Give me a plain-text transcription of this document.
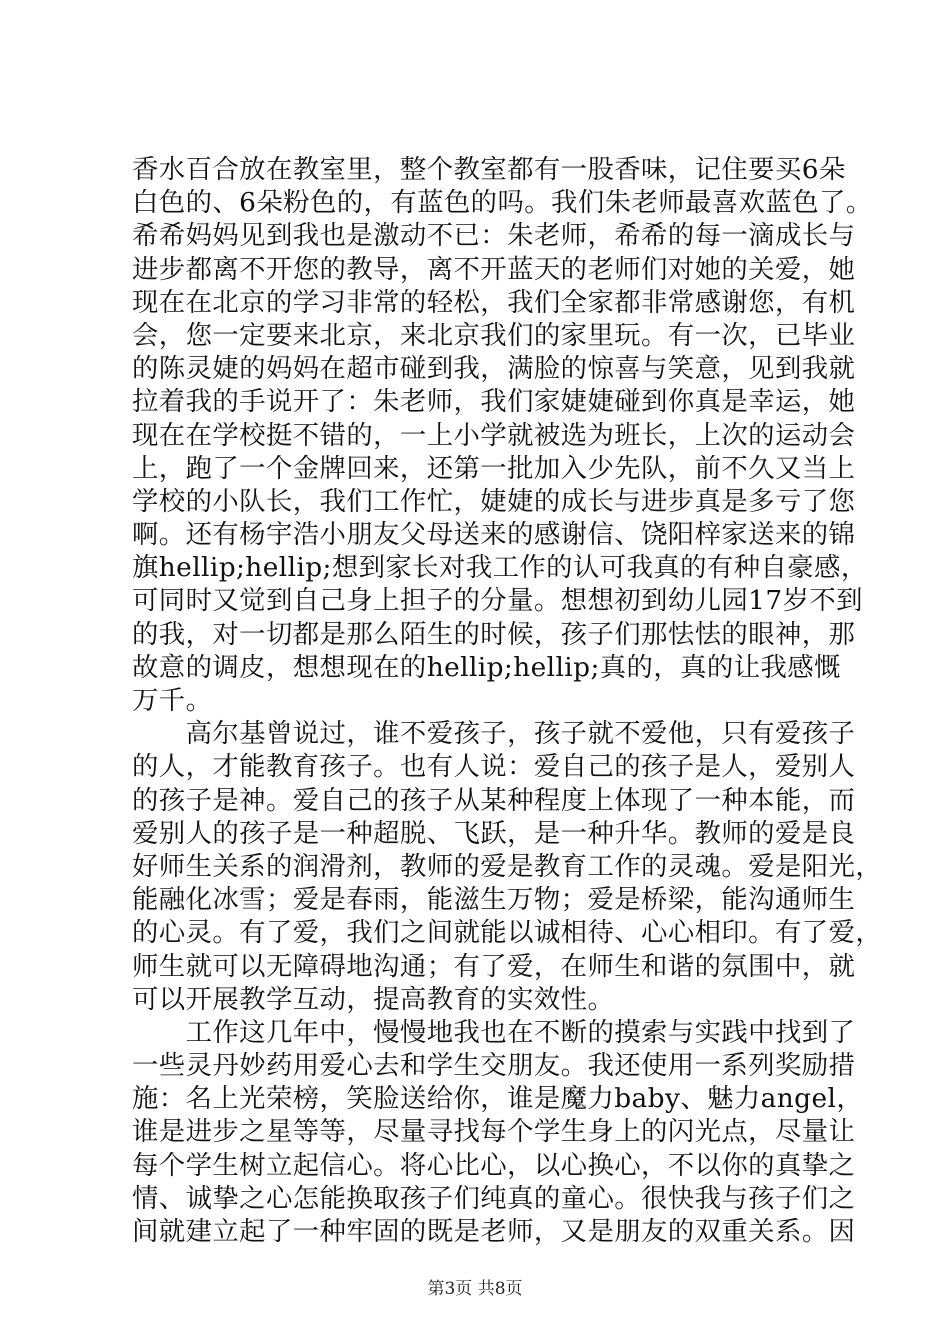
香水百合放在教室里，整个教室都有一股香味，记住要买6朵
白色的、6朵粉色的，有蓝色的吗。我们朱老师最喜欢蓝色了。
希希妈妈见到我也是激动不已：朱老师，希希的每一滴成长与
进步都离不开您的教导，离不开蓝天的老师们对她的关爱，她
现在在北京的学习非常的轻松，我们全家都非常感谢您，有机
会，您一定要来北京，来北京我们的家里玩。有一次，已毕业
的陈灵婕的妈妈在超市碰到我，满脸的惊喜与笑意，见到我就
拉着我的手说开了：朱老师，我们家婕婕碰到你真是幸运，她
现在在学校挺不错的，一上小学就被选为班长，上次的运动会
上，跑了一个金牌回来，还第一批加入少先队，前不久又当上
学校的小队长，我们工作忙，婕婕的成长与进步真是多亏了您
啊。还有杨宇浩小朋友父母送来的感谢信、饶阳梓家送来的锦
旗hellip;hellip;想到家长对我工作的认可我真的有种自豪感，
可同时又觉到自己身上担子的分量。想想初到幼儿园17岁不到
的我，对一切都是那么陌生的时候，孩子们那怯怯的眼神，那
故意的调皮，想想现在的hellip;hellip;真的，真的让我感慨
万千。
　　高尔基曾说过，谁不爱孩子，孩子就不爱他，只有爱孩子
的人，才能教育孩子。也有人说：爱自己的孩子是人，爱别人
的孩子是神。爱自己的孩子从某种程度上体现了一种本能，而
爱别人的孩子是一种超脱、飞跃，是一种升华。教师的爱是良
好师生关系的润滑剂，教师的爱是教育工作的灵魂。爱是阳光，
能融化冰雪；爱是春雨，能滋生万物；爱是桥梁，能沟通师生
的心灵。有了爱，我们之间就能以诚相待、心心相印。有了爱，
师生就可以无障碍地沟通；有了爱，在师生和谐的氛围中，就
可以开展教学互动，提高教育的实效性。
　　工作这几年中，慢慢地我也在不断的摸索与实践中找到了
一些灵丹妙药用爱心去和学生交朋友。我还使用一系列奖励措
施：名上光荣榜，笑脸送给你，谁是魔力baby、魅力angel，
谁是进步之星等等，尽量寻找每个学生身上的闪光点，尽量让
每个学生树立起信心。将心比心，以心换心，不以你的真挚之
情、诚挚之心怎能换取孩子们纯真的童心。很快我与孩子们之
间就建立起了一种牢固的既是老师，又是朋友的双重关系。因
第3页 共8页
